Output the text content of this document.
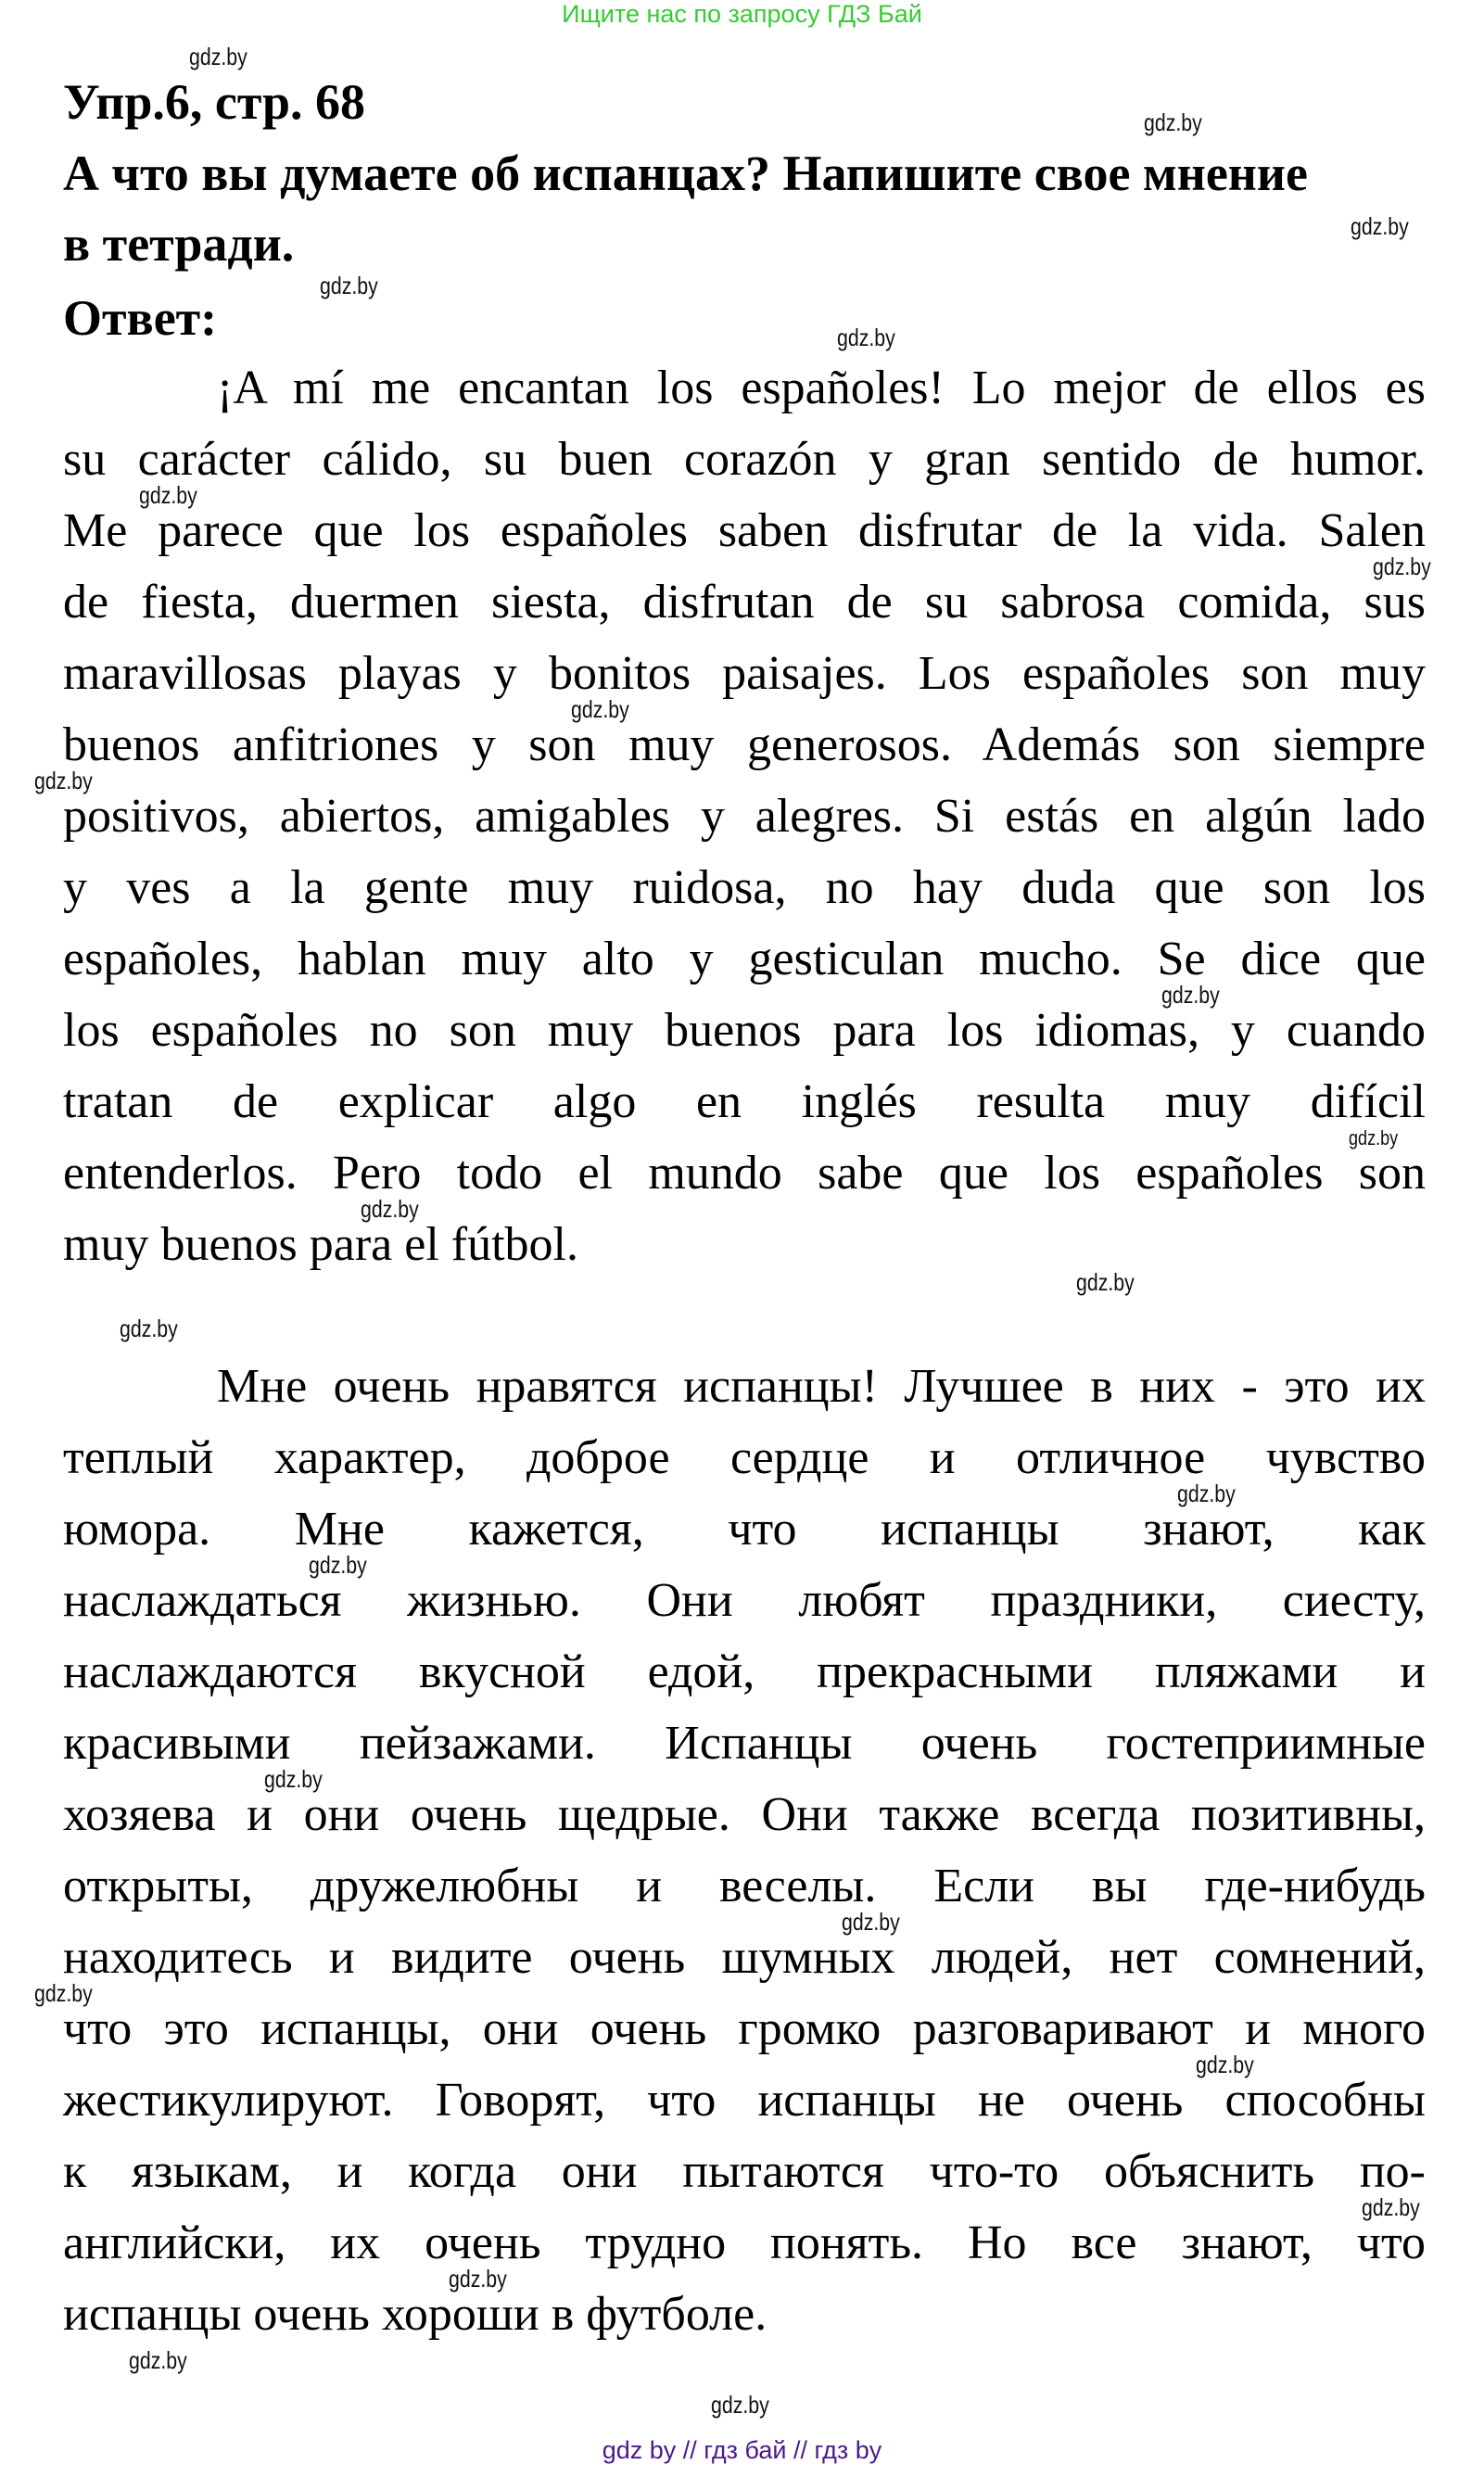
Ищите нас по запросу ГДЗ Бай
Упр.6, стр. 68
А что вы думаете об испанцах? Напишите свое мнение
в тетради.
Ответ:
¡A mí me encantan los españoles! Lo mejor de ellos es
su carácter cálido, su buen corazón y gran sentido de humor.
Me parece que los españoles saben disfrutar de la vida. Salen
de fiesta, duermen siesta, disfrutan de su sabrosa comida, sus
maravillosas playas y bonitos paisajes. Los españoles son muy
buenos anfitriones y son muy generosos. Además son siempre
positivos, abiertos, amigables y alegres. Si estás en algún lado
y ves a la gente muy ruidosa, no hay duda que son los
españoles, hablan muy alto y gesticulan mucho. Se dice que
los españoles no son muy buenos para los idiomas, y cuando
tratan de explicar algo en inglés resulta muy difícil
entenderlos. Pero todo el mundo sabe que los españoles son
muy buenos para el fútbol.
Мне очень нравятся испанцы! Лучшее в них - это их
теплый характер, доброе сердце и отличное чувство
юмора. Мне кажется, что испанцы знают, как
наслаждаться жизнью. Они любят праздники, сиесту,
наслаждаются вкусной едой, прекрасными пляжами и
красивыми пейзажами. Испанцы очень гостеприимные
хозяева и они очень щедрые. Они также всегда позитивны,
открыты, дружелюбны и веселы. Если вы где-нибудь
находитесь и видите очень шумных людей, нет сомнений,
что это испанцы, они очень громко разговаривают и много
жестикулируют. Говорят, что испанцы не очень способны
к языкам, и когда они пытаются что-то объяснить по-
английски, их очень трудно понять. Но все знают, что
испанцы очень хороши в футболе.
gdz.by
gdz.by
gdz.by
gdz.by
gdz.by
gdz.by
gdz.by
gdz.by
gdz.by
gdz.by
gdz.by
gdz.by
gdz.by
gdz.by
gdz.by
gdz.by
gdz.by
gdz.by
gdz.by
gdz.by
gdz.by
gdz.by
gdz.by
gdz.by
gdz by // гдз бай // гдз by
